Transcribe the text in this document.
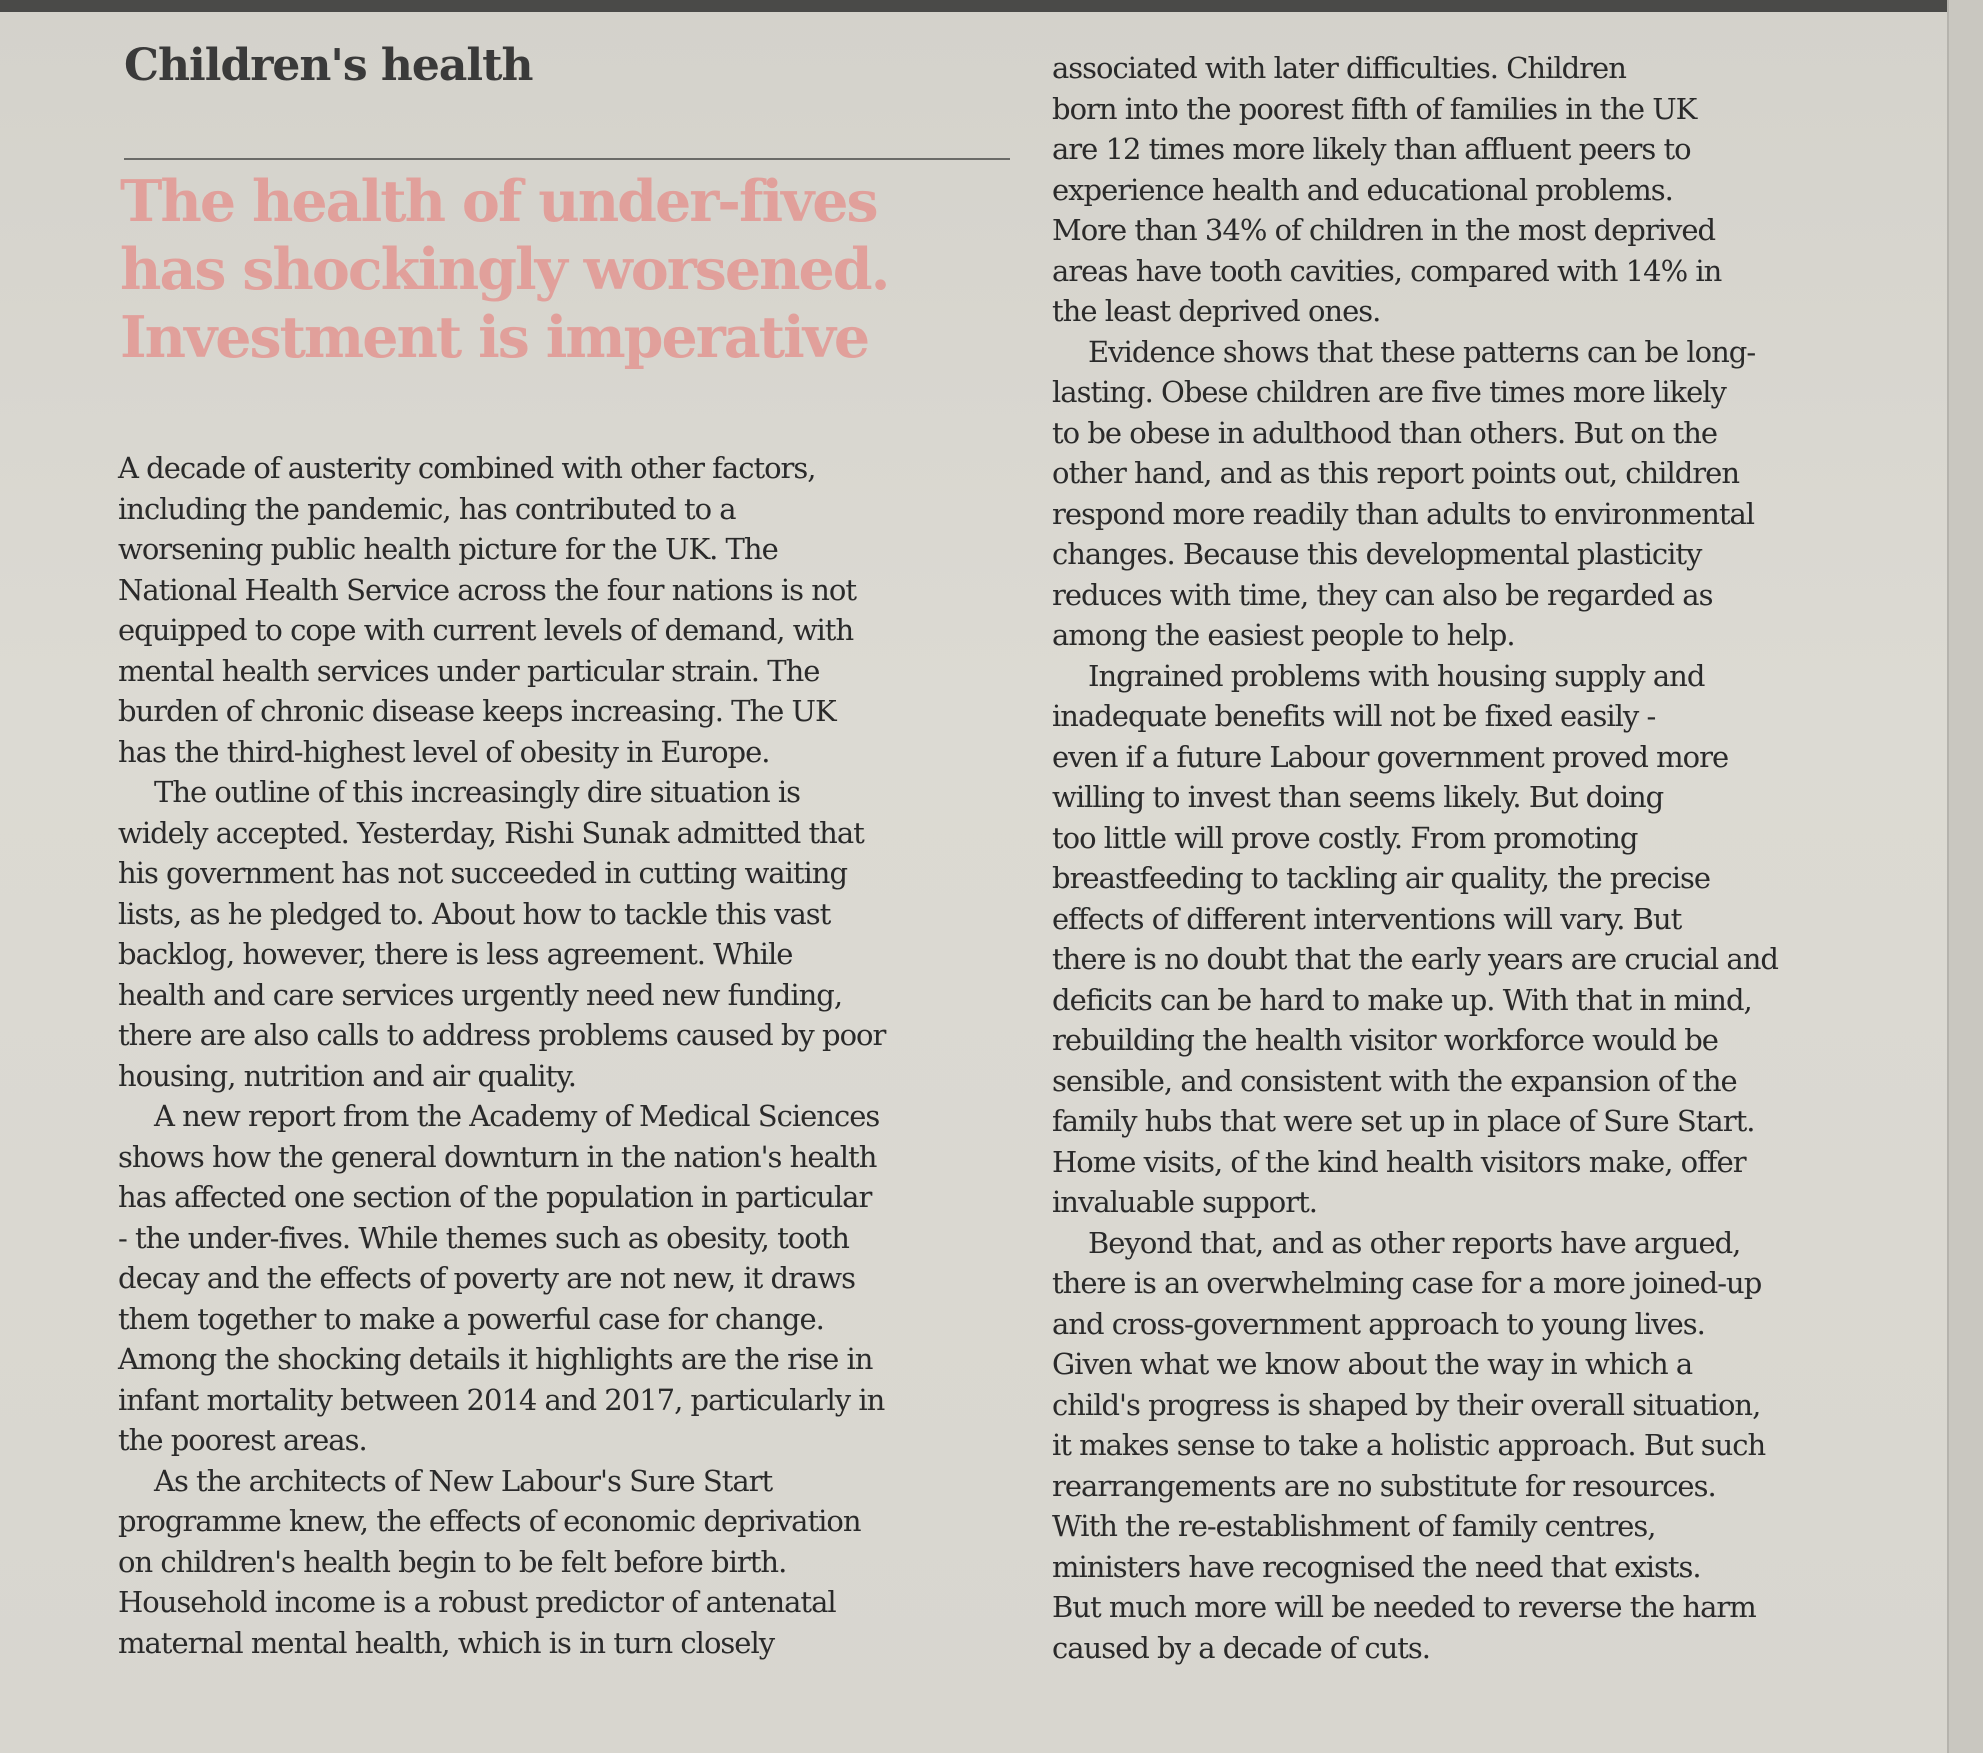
Children's health
The health of under-fives
has shockingly worsened.
Investment is imperative

A decade of austerity combined with other factors,

including the pandemic, has contributed to a

worsening public health picture for the UK. The

National Health Service across the four nations is not

equipped to cope with current levels of demand, with

mental health services under particular strain. The

burden of chronic disease keeps increasing. The UK

has the third-highest level of obesity in Europe.

The outline of this increasingly dire situation is

widely accepted. Yesterday, Rishi Sunak admitted that

his government has not succeeded in cutting waiting

lists, as he pledged to. About how to tackle this vast

backlog, however, there is less agreement. While

health and care services urgently need new funding,

there are also calls to address problems caused by poor

housing, nutrition and air quality.

A new report from the Academy of Medical Sciences

shows how the general downturn in the nation's health

has affected one section of the population in particular

- the under-fives. While themes such as obesity, tooth

decay and the effects of poverty are not new, it draws

them together to make a powerful case for change.

Among the shocking details it highlights are the rise in

infant mortality between 2014 and 2017, particularly in

the poorest areas.

As the architects of New Labour's Sure Start

programme knew, the effects of economic deprivation

on children's health begin to be felt before birth.

Household income is a robust predictor of antenatal

maternal mental health, which is in turn closely

associated with later difficulties. Children

born into the poorest fifth of families in the UK

are 12 times more likely than affluent peers to

experience health and educational problems.

More than 34% of children in the most deprived

areas have tooth cavities, compared with 14% in

the least deprived ones.

Evidence shows that these patterns can be long-

lasting. Obese children are five times more likely

to be obese in adulthood than others. But on the

other hand, and as this report points out, children

respond more readily than adults to environmental

changes. Because this developmental plasticity

reduces with time, they can also be regarded as

among the easiest people to help.

Ingrained problems with housing supply and

inadequate benefits will not be fixed easily -

even if a future Labour government proved more

willing to invest than seems likely. But doing

too little will prove costly. From promoting

breastfeeding to tackling air quality, the precise

effects of different interventions will vary. But

there is no doubt that the early years are crucial and

deficits can be hard to make up. With that in mind,

rebuilding the health visitor workforce would be

sensible, and consistent with the expansion of the

family hubs that were set up in place of Sure Start.

Home visits, of the kind health visitors make, offer

invaluable support.

Beyond that, and as other reports have argued,

there is an overwhelming case for a more joined-up

and cross-government approach to young lives.

Given what we know about the way in which a

child's progress is shaped by their overall situation,

it makes sense to take a holistic approach. But such

rearrangements are no substitute for resources.

With the re-establishment of family centres,

ministers have recognised the need that exists.

But much more will be needed to reverse the harm

caused by a decade of cuts.
